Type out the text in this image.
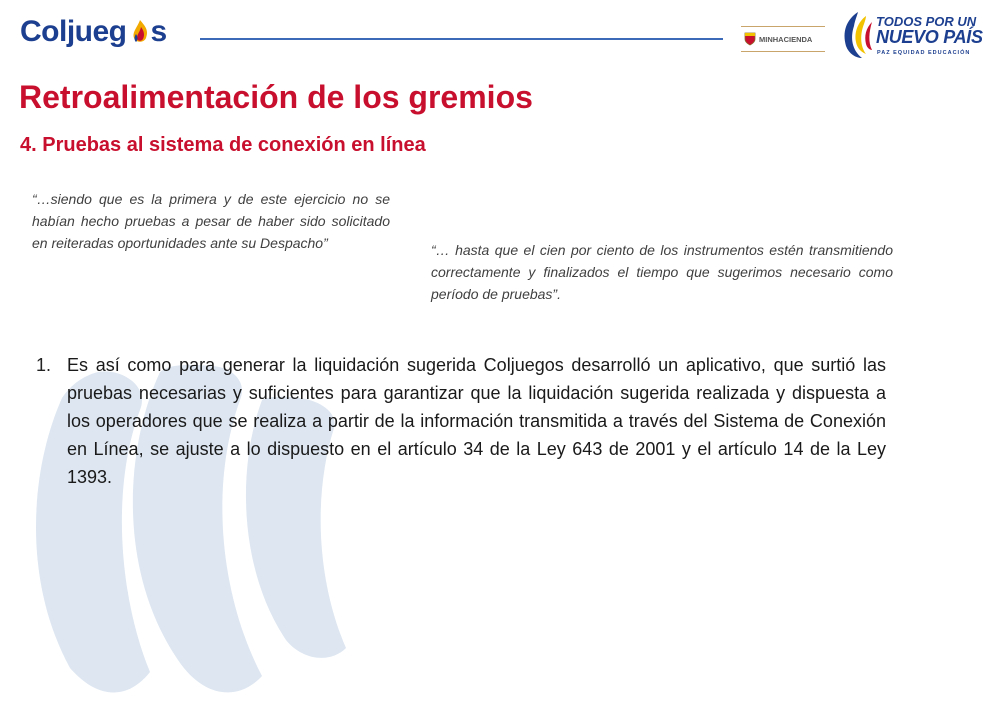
Coljueg s	MINHACIENDA
TODOS POR UN
NUEVO PAÍS
PAZ EQUIDAD EDUCACIÓN
Retroalimentación de los gremios
4. Pruebas al sistema de conexión en línea
“…siendo que es la primera y de este ejercicio no se habían hecho pruebas a pesar de haber sido solicitado en reiteradas oportunidades ante su Despacho”	“… hasta que el cien por ciento de los instrumentos estén transmitiendo correctamente y finalizados el tiempo que sugerimos necesario como período de pruebas”.
1. Es así como para generar la liquidación sugerida Coljuegos desarrolló un aplicativo, que surtió las pruebas necesarias y suficientes para garantizar que la liquidación sugerida realizada y dispuesta a los operadores que se realiza a partir de la información transmitida a través del Sistema de Conexión en Línea, se ajuste a lo dispuesto en el artículo 34 de la Ley 643 de 2001 y el artículo 14 de la Ley 1393.
